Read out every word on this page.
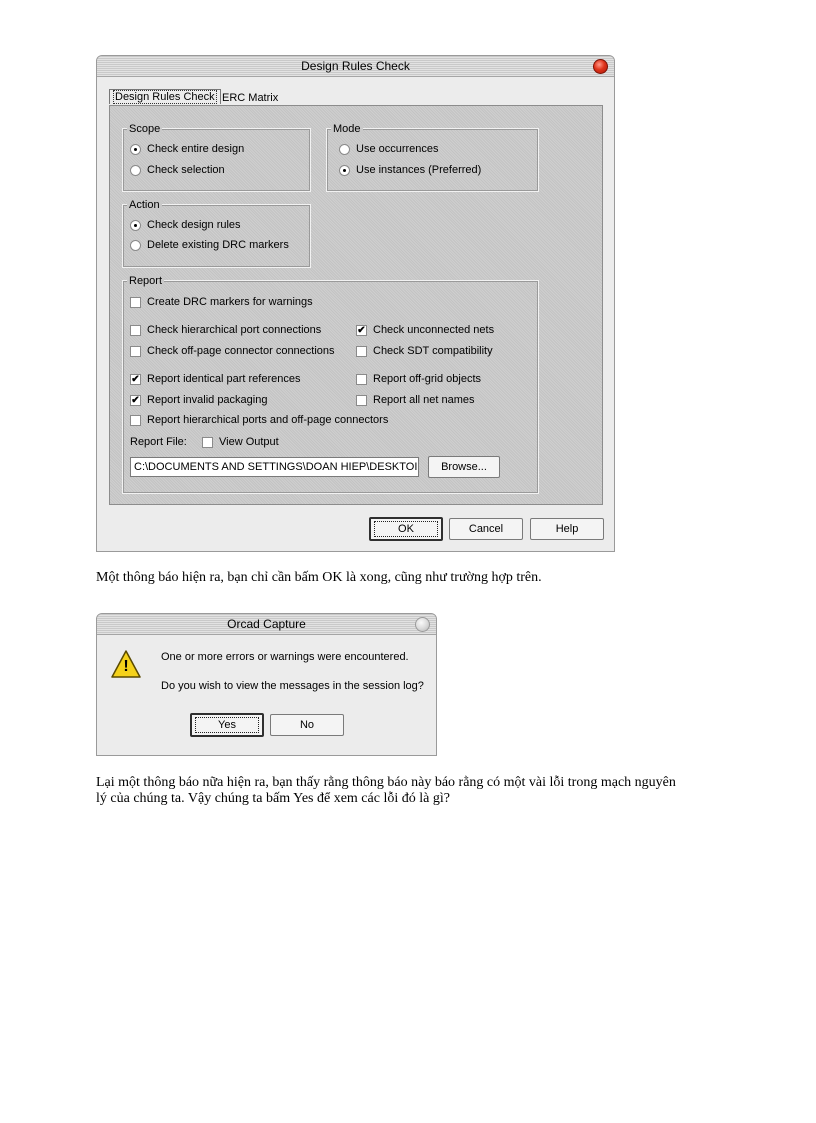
Design Rules Check
Design Rules Check ERC Matrix
Scope
Check entire design
Check selection
Mode
Use occurrences
Use instances (Preferred)
Action
Check design rules
Delete existing DRC markers
Report
Create DRC markers for warnings
Check hierarchical port connections	✔ Check unconnected nets
Check off-page connector connections	Check SDT compatibility
✔ Report identical part references	Report off-grid objects
✔ Report invalid packaging	Report all net names
Report hierarchical ports and off-page connectors
Report File:	View Output
C:\DOCUMENTS AND SETTINGS\DOAN HIEP\DESKTOI	Browse...
OK	Cancel	Help
Một thông báo hiện ra, bạn chỉ cần bấm OK là xong, cũng như trường hợp trên.
Orcad Capture
!
One or more errors or warnings were encountered.
Do you wish to view the messages in the session log?
Yes	No
Lại một thông báo nữa hiện ra, bạn thấy rằng thông báo này báo rằng có một vài lỗi trong mạch nguyên
lý của chúng ta. Vậy chúng ta bấm Yes để xem các lỗi đó là gì?
